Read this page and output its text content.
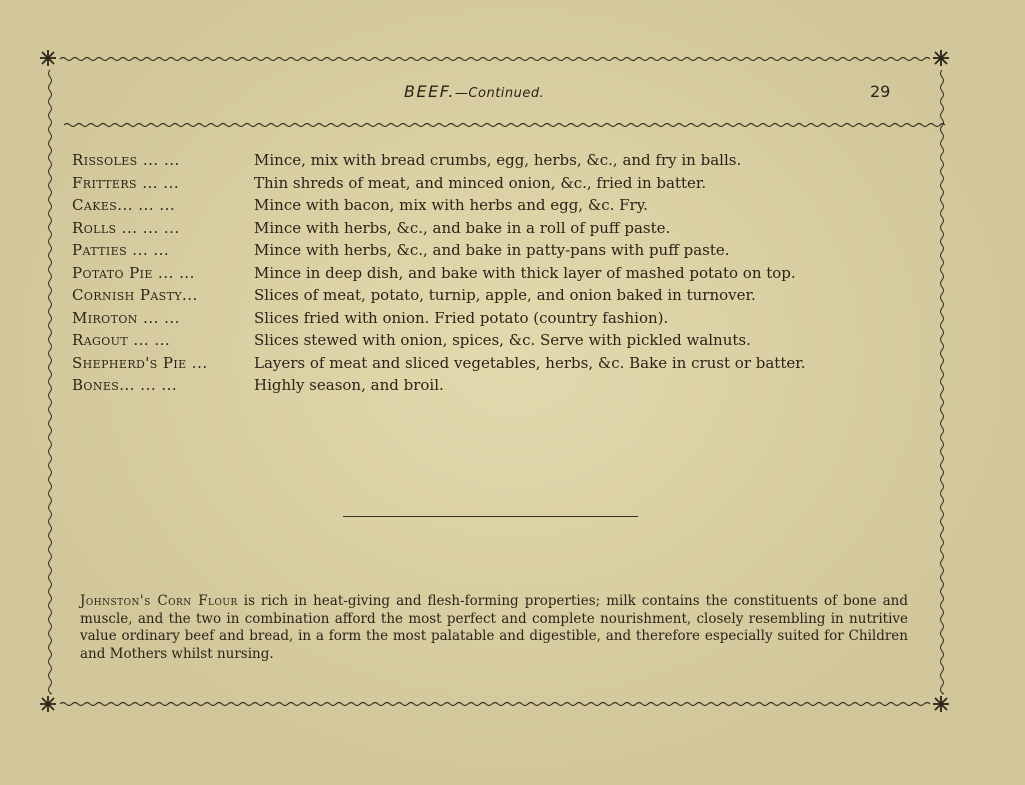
BEEF.—Continued.	29
Rissoles ... ...	Mince, mix with bread crumbs, egg, herbs, &c., and fry in balls.
Fritters ... ...	Thin shreds of meat, and minced onion, &c., fried in batter.
Cakes... ... ...	Mince with bacon, mix with herbs and egg, &c. Fry.
Rolls ... ... ...	Mince with herbs, &c., and bake in a roll of puff paste.
Patties ... ...	Mince with herbs, &c., and bake in patty-pans with puff paste.
Potato Pie ... ...	Mince in deep dish, and bake with thick layer of mashed potato on top.
Cornish Pasty...	Slices of meat, potato, turnip, apple, and onion baked in turnover.
Miroton ... ...	Slices fried with onion. Fried potato (country fashion).
Ragout ... ...	Slices stewed with onion, spices, &c. Serve with pickled walnuts.
Shepherd's Pie ...	Layers of meat and sliced vegetables, herbs, &c. Bake in crust or batter.
Bones... ... ...	Highly season, and broil.
Johnston's Corn Flour is rich in heat-giving and flesh-forming properties; milk contains the constituents of bone and muscle, and the two in combination afford the most perfect and complete nourishment, closely resembling in nutritive value ordinary beef and bread, in a form the most palatable and digestible, and therefore especially suited for Children and Mothers whilst nursing.
